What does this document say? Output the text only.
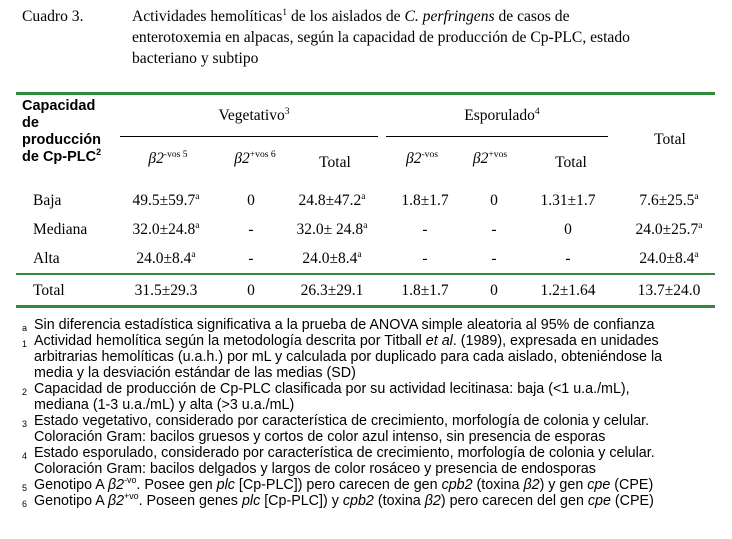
Cuadro 3.	Actividades hemolíticas$^1$ de los aislados de C. perfringens de casos de

enterotoxemia en alpacas, según la capacidad de producción de Cp-PLC, estado

bacteriano y subtipo

Capacidad
de
producción
de Cp-PLC$^2$
Vegetativo$^3$	Esporulado$^4$
Total
$\beta 2^{-vos 5}$	$\beta 2^{+vos 6}$	Total	$\beta 2^{-vos}$	$\beta 2^{+vos}$	Total
Baja	49.5±59.7$^a$	0	24.8±47.2$^a$	1.8±1.7	0	1.31±1.7	7.6±25.5$^a$
Mediana	32.0±24.8$^a$	-	32.0± 24.8$^a$	-	-	0	24.0±25.7$^a$
Alta	24.0±8.4$^a$	-	24.0±8.4$^a$	-	-	-	24.0±8.4$^a$
Total	31.5±29.3	0	26.3±29.1	1.8±1.7	0	1.2±1.64	13.7±24.0
a Sin diferencia estadística significativa a la prueba de ANOVA simple aleatoria al 95% de confianza

1 Actividad hemolítica según la metodología descrita por Titball et al. (1989), expresada en unidades

arbitrarias hemolíticas (u.a.h.) por mL y calculada por duplicado para cada aislado, obteniéndose la

media y la desviación estándar de las medias (SD)

2 Capacidad de producción de Cp-PLC clasificada por su actividad lecitinasa: baja (<1 u.a./mL),

mediana (1-3 u.a./mL) y alta (>3 u.a./mL)

3 Estado vegetativo, considerado por característica de crecimiento, morfología de colonia y celular.

Coloración Gram: bacilos gruesos y cortos de color azul intenso, sin presencia de esporas

4 Estado esporulado, considerado por característica de crecimiento, morfología de colonia y celular.

Coloración Gram: bacilos delgados y largos de color rosáceo y presencia de endosporas

5 Genotipo A $\beta 2^{-vo}$. Posee gen plc [Cp-PLC]) pero carecen de gen cpb2 (toxina β2) y gen cpe (CPE)

6 Genotipo A $\beta 2^{+vo}$. Poseen genes plc [Cp-PLC]) y cpb2 (toxina β2) pero carecen del gen cpe (CPE)
